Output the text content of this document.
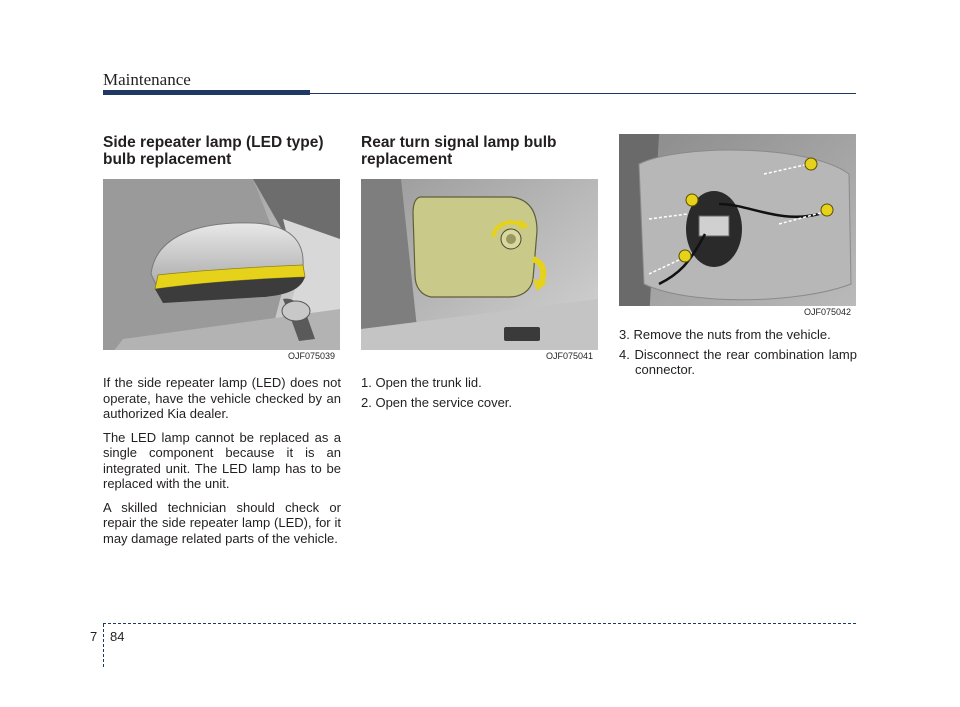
Maintenance
Side repeater lamp (LED type) bulb replacement
OJF075039

If the side repeater lamp (LED) does not operate, have the vehicle checked by an authorized Kia dealer.

The LED lamp cannot be replaced as a single component because it is an integrated unit. The LED lamp has to be replaced with the unit.

A skilled technician should check or repair the side repeater lamp (LED), for it may damage related parts of the vehicle.

Rear turn signal lamp bulb replacement
OJF075041
1. Open the trunk lid.
2. Open the service cover.
OJF075042
3. Remove the nuts from the vehicle.
4. Disconnect the rear combination lamp connector.
7 84
